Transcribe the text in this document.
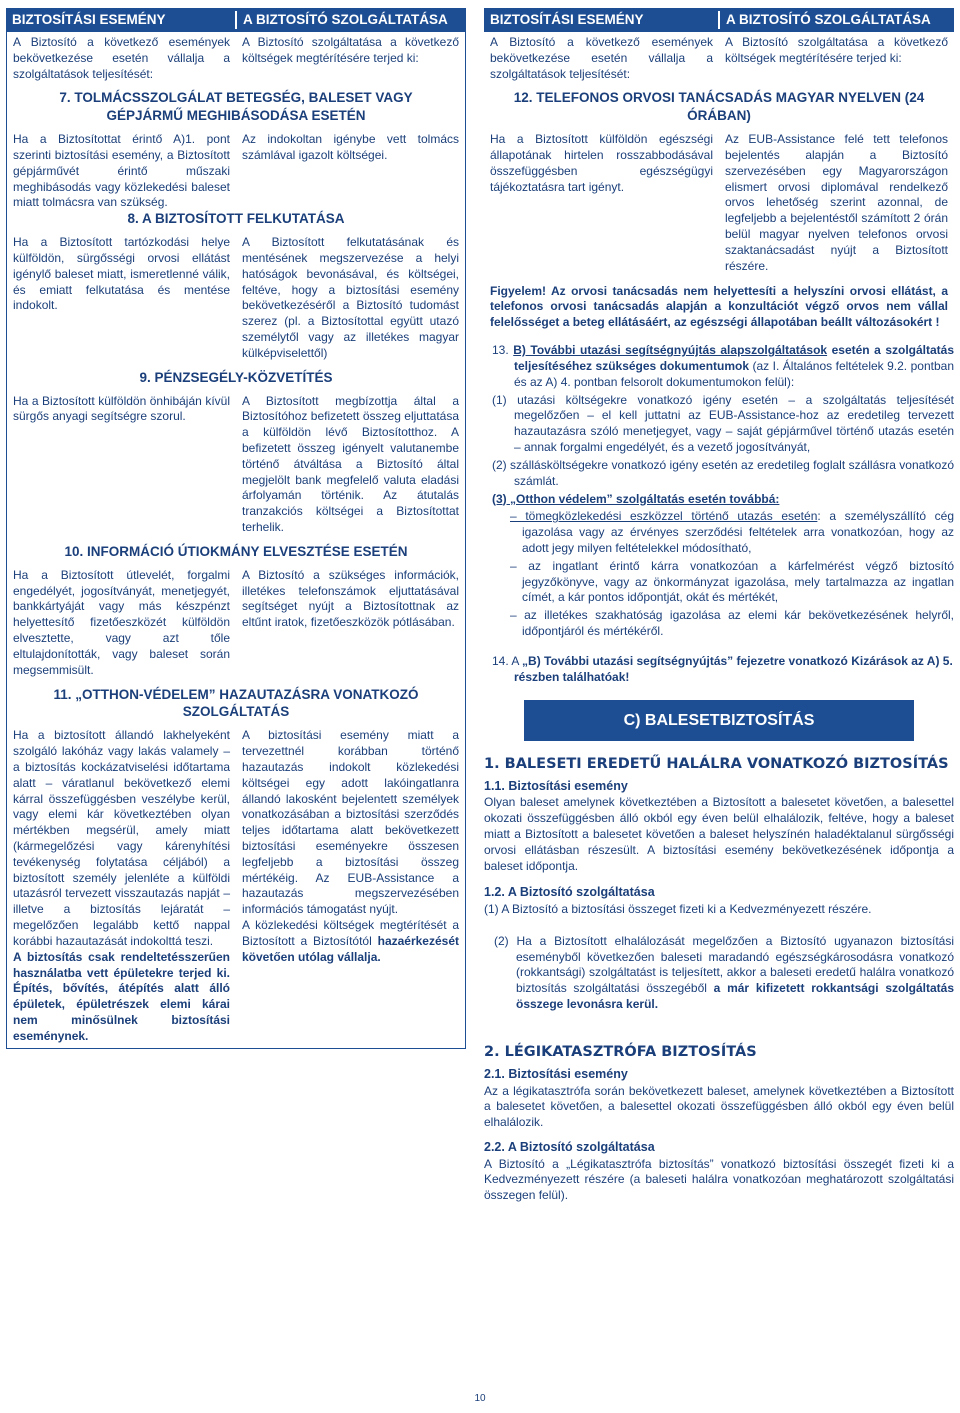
BIZTOSÍTÁSI ESEMÉNY	A BIZTOSÍTÓ SZOLGÁLTATÁSA
A Biztosító a következő események bekövetkezése esetén vállalja a szolgáltatások teljesítését:
A Biztosító szolgáltatása a következő költségek megtérítésére terjed ki:
7. TOLMÁCSSZOLGÁLAT BETEGSÉG, BALESET VAGY GÉPJÁRMŰ MEGHIBÁSODÁSA ESETÉN
Ha a Biztosítottat érintő A)1. pont szerinti biztosítási esemény, a Biztosított gépjárművét érintő műszaki meghibásodás vagy közlekedési baleset miatt tolmácsra van szükség.
Az indokoltan igénybe vett tolmács számlával igazolt költségei.
8. A BIZTOSÍTOTT FELKUTATÁSA
Ha a Biztosított tartózkodási helye külföldön, sürgősségi orvosi ellátást igénylő baleset miatt, ismeretlenné válik, és emiatt felkutatása és mentése indokolt.
A Biztosított felkutatásának és mentésének megszervezése a helyi hatóságok bevonásával, és költségei, feltéve, hogy a biztosítási esemény bekövetkezéséről a Biztosító tudomást szerez (pl. a Biztosítottal együtt utazó személytől vagy az illetékes magyar külképviselettől)
9. PÉNZSEGÉLY-KÖZVETÍTÉS
Ha a Biztosított külföldön önhibáján kívül sürgős anyagi segítségre szorul.
A Biztosított megbízottja által a Biztosítóhoz befizetett összeg eljuttatása a külföldön lévő Biztosítotthoz. A befizetett összeg igényelt valutanembe történő átváltása a Biztosító által megjelölt bank megfelelő valuta eladási árfolyamán történik. Az átutalás tranzakciós költségei a Biztosítottat terhelik.
10. INFORMÁCIÓ ÚTIOKMÁNY ELVESZTÉSE ESETÉN
Ha a Biztosított útlevelét, forgalmi engedélyét, jogosítványát, menetjegyét, bankkártyáját vagy más készpénzt helyettesítő fizetőeszközét külföldön elvesztette, vagy azt tőle eltulajdonították, vagy baleset során megsemmisült.
A Biztosító a szükséges információk, illetékes telefonszámok eljuttatásával segítséget nyújt a Biztosítottnak az eltűnt iratok, fizetőeszközök pótlásában.
11. „OTTHON-VÉDELEM” HAZAUTAZÁSRA VONATKOZÓ SZOLGÁLTATÁS

Ha a biztosított állandó lakhelyeként szolgáló lakóház vagy lakás valamely – a biztosítás kockázatviselési időtartama alatt – váratlanul bekövetkező elemi kárral összefüggésben veszélybe kerül, vagy elemi kár következtében olyan mértékben megsérül, amely miatt (kármegelőzési vagy kárenyhítési tevékenység folytatása céljából) a biztosított személy jelenléte a külföldi utazásról tervezett visszautazás napját – illetve a biztosítás lejáratát – megelőzően legalább kettő nappal korábbi hazautazását indokolttá teszi.

A biztosítás csak rendeltetésszerűen használatba vett épületekre terjed ki. Építés, bővítés, átépítés alatt álló épületek, épületrészek elemi kárai nem minősülnek biztosítási eseménynek.

A biztosítási esemény miatt a tervezettnél korábban történő hazautazás indokolt közlekedési költségei egy adott lakóingatlanra állandó lakosként bejelentett személyek vonatkozásában a biztosítási szerződés teljes időtartama alatt bekövetkezett biztosítási eseményekre összesen legfeljebb a biztosítási összeg mértékéig. Az EUB-Assistance a hazautazás megszervezésében információs támogatást nyújt.

A közlekedési költségek megtérítését a Biztosított a Biztosítótól hazaérkezését követően utólag vállalja.

BIZTOSÍTÁSI ESEMÉNY	A BIZTOSÍTÓ SZOLGÁLTATÁSA
A Biztosító a következő események bekövetkezése esetén vállalja a szolgáltatások teljesítését:
A Biztosító szolgáltatása a következő költségek megtérítésére terjed ki:
12. TELEFONOS ORVOSI TANÁCSADÁS MAGYAR NYELVEN (24 ÓRÁBAN)
Ha a Biztosított külföldön egészségi állapotának hirtelen rosszabbodásával összefüggésben egészségügyi tájékoztatásra tart igényt.
Az EUB-Assistance felé tett telefonos bejelentés alapján a Biztosító szervezésében egy Magyarországon elismert orvosi diplomával rendelkező orvos lehetőség szerint azonnal, de legfeljebb a bejelentéstől számított 2 órán belül magyar nyelven telefonos orvosi szaktanácsadást nyújt a Biztosított részére.

Figyelem! Az orvosi tanácsadás nem helyettesíti a helyszíni orvosi ellátást, a telefonos orvosi tanácsadás alapján a konzultációt végző orvos nem vállal felelősséget a beteg ellátásáért, az egészségi állapotában beállt változásokért !

13. B) További utazási segítségnyújtás alapszolgáltatások esetén a szolgáltatás teljesítéséhez szükséges dokumentumok (az I. Általános feltételek 9.2. pontban és az A) 4. pontban felsorolt dokumentumokon felül):

(1) utazási költségekre vonatkozó igény esetén – a szolgáltatás teljesítését megelőzően – el kell juttatni az EUB-Assistance-hoz az eredetileg tervezett hazautazásra szóló menetjegyet, vagy – saját gépjárművel történő utazás esetén – annak forgalmi engedélyét, és a vezető jogosítványát,

(2) szállásköltségekre vonatkozó igény esetén az eredetileg foglalt szállásra vonatkozó számlát.

(3) „Otthon védelem” szolgáltatás esetén továbbá:

– tömegközlekedési eszközzel történő utazás esetén: a személyszállító cég igazolása vagy az érvényes szerződési feltételek arra vonatkozóan, hogy az adott jegy milyen feltételekkel módosítható,

– az ingatlant érintő kárra vonatkozóan a kárfelmérést végző biztosító jegyzőkönyve, vagy az önkormányzat igazolása, mely tartalmazza az ingatlan címét, a kár pontos időpontját, okát és mértékét,

– az illetékes szakhatóság igazolása az elemi kár bekövetkezésének helyről, időpontjáról és mértékéről.

14. A „B) További utazási segítségnyújtás” fejezetre vonatkozó Kizárások az A) 5. részben találhatóak!

C) BALESETBIZTOSÍTÁS
1. BALESETI EREDETŰ HALÁLRA VONATKOZÓ BIZTOSÍTÁS
1.1. Biztosítási esemény

Olyan baleset amelynek következtében a Biztosított a balesetet követően, a balesettel okozati összefüggésben álló okból egy éven belül elhalálozik, feltéve, hogy a baleset miatt a Biztosított a balesetet követően a baleset helyszínén haladéktalanul sürgősségi orvosi ellátásban részesült. A biztosítási esemény bekövetkezésének időpontja a baleset időpontja.

1.2. A Biztosító szolgáltatása

(1) A Biztosító a biztosítási összeget fizeti ki a Kedvezményezett részére.

(2) Ha a Biztosított elhalálozását megelőzően a Biztosító ugyanazon biztosítási eseményből következően baleseti maradandó egészségkárosodásra vonatkozó (rokkantsági) szolgáltatást is teljesített, akkor a baleseti eredetű halálra vonatkozó biztosítás szolgáltatási összegéből a már kifizetett rokkantsági szolgáltatás összege levonásra kerül.

2. LÉGIKATASZTRÓFA BIZTOSÍTÁS
2.1. Biztosítási esemény

Az a légikatasztrófa során bekövetkezett baleset, amelynek következtében a Biztosított a balesetet követően, a balesettel okozati összefüggésben álló okból egy éven belül elhalálozik.

2.2. A Biztosító szolgáltatása

A Biztosító a „Légikatasztrófa biztosítás” vonatkozó biztosítási összegét fizeti ki a Kedvezményezett részére (a baleseti halálra vonatkozóan meghatározott szolgáltatási összegen felül).

10
